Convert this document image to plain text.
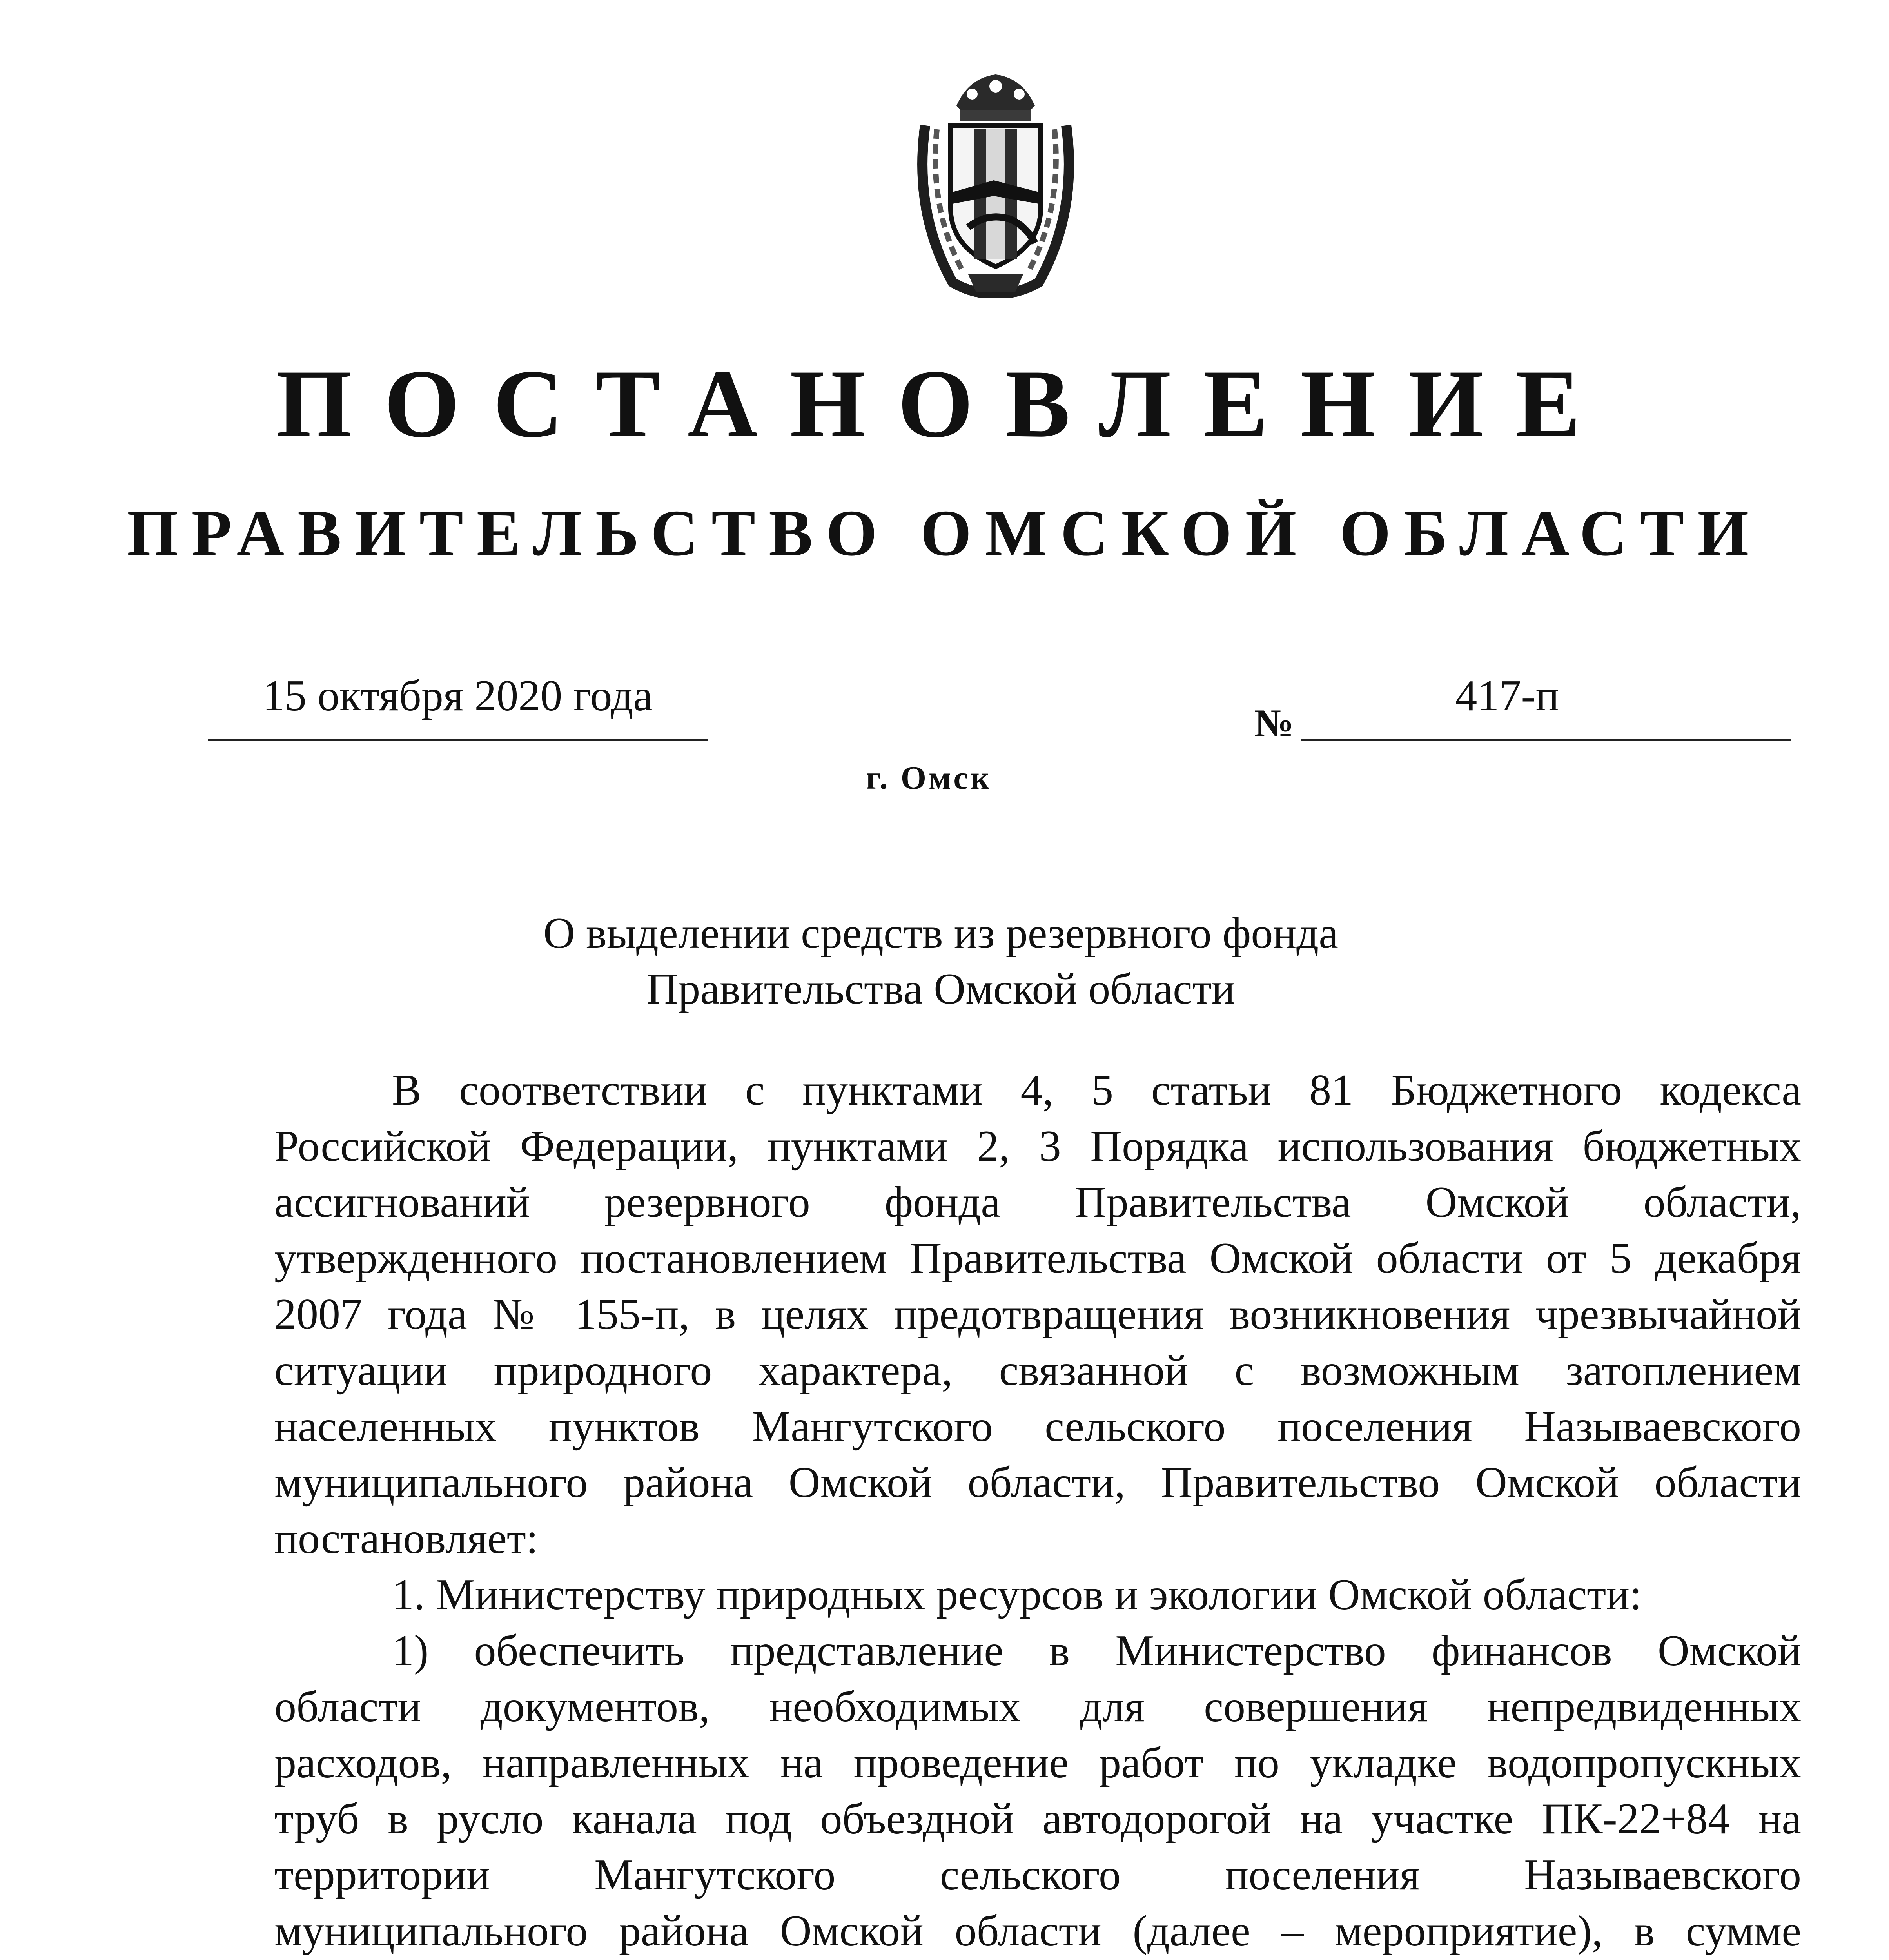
ПОСТАНОВЛЕНИЕ
ПРАВИТЕЛЬСТВО ОМСКОЙ ОБЛАСТИ
15 октября 2020 года
№
417-п
г. Омск
О выделении средств из резервного фонда
Правительства Омской области
В соответствии с пунктами 4, 5 статьи 81 Бюджетного кодекса
Российской Федерации, пунктами 2, 3 Порядка использования бюджетных
ассигнований резервного фонда Правительства Омской области,
утвержденного постановлением Правительства Омской области от 5 декабря
2007 года № 155-п, в целях предотвращения возникновения чрезвычайной
ситуации природного характера, связанной с возможным затоплением
населенных пунктов Мангутского сельского поселения Называевского
муниципального района Омской области, Правительство Омской области
постановляет:
1. Министерству природных ресурсов и экологии Омской области:
1) обеспечить представление в Министерство финансов Омской
области документов, необходимых для совершения непредвиденных
расходов, направленных на проведение работ по укладке водопропускных
труб в русло канала под объездной автодорогой на участке ПК-22+84 на
территории Мангутского сельского поселения Называевского
муниципального района Омской области (далее – мероприятие), в сумме
